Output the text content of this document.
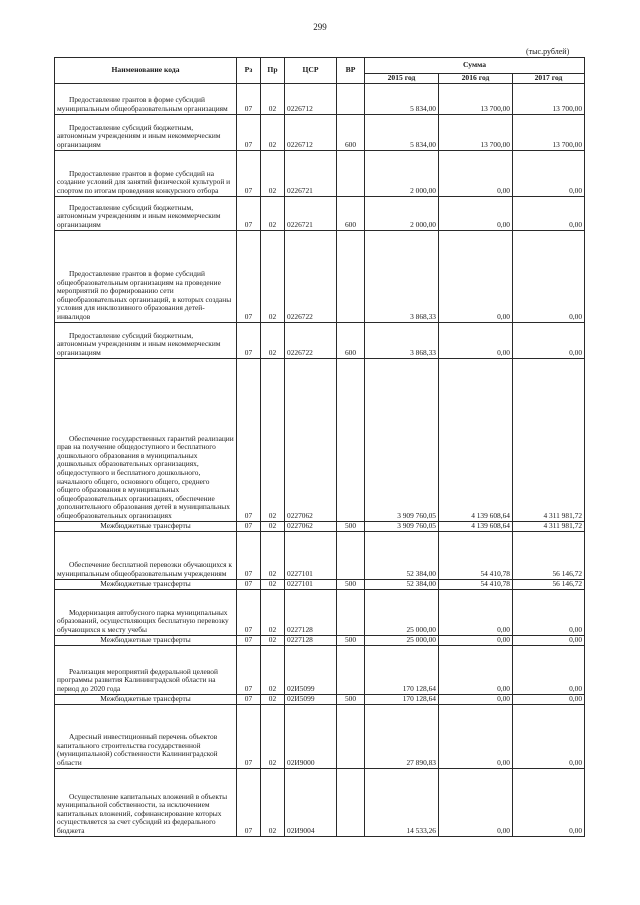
299
(тыс.рублей)
Наименование кода	Рз	Пр	ЦСР	ВР	Сумма		
					2015 год	2016 год	2017 год
Предоставление грантов в форме субсидий муниципальным общеобразовательным организациям	07	02	0226712		5 834,00	13 700,00	13 700,00
Предоставление субсидий бюджетным, автономным учреждениям и иным некоммерческим организациям	07	02	0226712	600	5 834,00	13 700,00	13 700,00
Предоставление грантов в форме субсидий на создание условий для занятий физической культурой и спортом по итогам проведения конкурсного отбора	07	02	0226721		2 000,00	0,00	0,00
Предоставление субсидий бюджетным, автономным учреждениям и иным некоммерческим организациям	07	02	0226721	600	2 000,00	0,00	0,00
Предоставление грантов в форме субсидий общеобразовательным организациям на проведение мероприятий по формированию сети общеобразовательных организаций, в которых созданы условия для инклюзивного образования детей-инвалидов	07	02	0226722		3 868,33	0,00	0,00
Предоставление субсидий бюджетным, автономным учреждениям и иным некоммерческим организациям	07	02	0226722	600	3 868,33	0,00	0,00
Обеспечение государственных гарантий реализации прав на получение общедоступного и бесплатного дошкольного образования в муниципальных дошкольных образовательных организациях, общедоступного и бесплатного дошкольного, начального общего, основного общего, среднего общего образования в муниципальных общеобразовательных организациях, обеспечение дополнительного образования детей в муниципальных общеобразовательных организациях	07	02	0227062		3 909 760,05	4 139 608,64	4 311 981,72
Межбюджетные трансферты	07	02	0227062	500	3 909 760,05	4 139 608,64	4 311 981,72
Обеспечение бесплатной перевозки обучающихся к муниципальным общеобразовательным учреждениям	07	02	0227101		52 384,00	54 410,78	56 146,72
Межбюджетные трансферты	07	02	0227101	500	52 384,00	54 410,78	56 146,72
Модернизация автобусного парка муниципальных образований, осуществляющих бесплатную перевозку обучающихся к месту учебы	07	02	0227128		25 000,00	0,00	0,00
Межбюджетные трансферты	07	02	0227128	500	25 000,00	0,00	0,00
Реализация мероприятий федеральной целевой программы развития Калининградской области на период до 2020 года	07	02	02И5099		170 128,64	0,00	0,00
Межбюджетные трансферты	07	02	02И5099	500	170 128,64	0,00	0,00
Адресный инвестиционный перечень объектов капитального строительства государственной (муниципальной) собственности Калининградской области	07	02	02И9000		27 890,83	0,00	0,00
Осуществление капитальных вложений в объекты муниципальной собственности, за исключением капитальных вложений, софинансирование которых осуществляется за счет субсидий из федерального бюджета	07	02	02И9004		14 533,26	0,00	0,00
